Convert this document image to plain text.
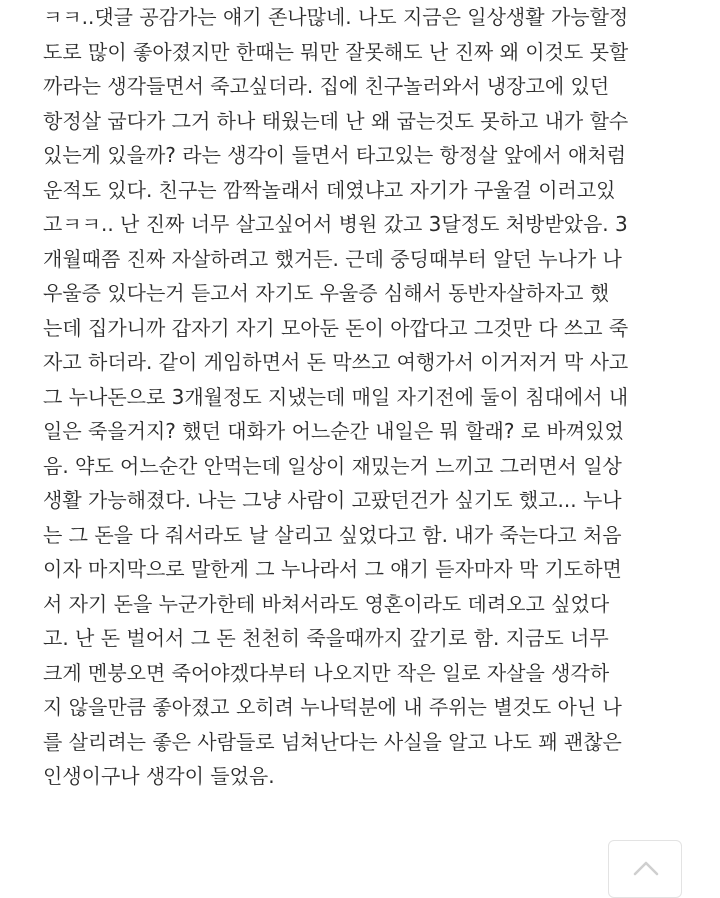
ㅋㅋ..댓글 공감가는 얘기 존나많네. 나도 지금은 일상생활 가능할정
도로 많이 좋아졌지만 한때는 뭐만 잘못해도 난 진짜 왜 이것도 못할
까라는 생각들면서 죽고싶더라. 집에 친구놀러와서 냉장고에 있던
항정살 굽다가 그거 하나 태웠는데 난 왜 굽는것도 못하고 내가 할수
있는게 있을까? 라는 생각이 들면서 타고있는 항정살 앞에서 애처럼
운적도 있다. 친구는 깜짝놀래서 데였냐고 자기가 구울걸 이러고있
고ㅋㅋ.. 난 진짜 너무 살고싶어서 병원 갔고 3달정도 처방받았음. 3
개월때쯤 진짜 자살하려고 했거든. 근데 중딩때부터 알던 누나가 나
우울증 있다는거 듣고서 자기도 우울증 심해서 동반자살하자고 했
는데 집가니까 갑자기 자기 모아둔 돈이 아깝다고 그것만 다 쓰고 죽
자고 하더라. 같이 게임하면서 돈 막쓰고 여행가서 이거저거 막 사고
그 누나돈으로 3개월정도 지냈는데 매일 자기전에 둘이 침대에서 내
일은 죽을거지? 했던 대화가 어느순간 내일은 뭐 할래? 로 바껴있었
음. 약도 어느순간 안먹는데 일상이 재밌는거 느끼고 그러면서 일상
생활 가능해졌다. 나는 그냥 사람이 고팠던건가 싶기도 했고... 누나
는 그 돈을 다 줘서라도 날 살리고 싶었다고 함. 내가 죽는다고 처음
이자 마지막으로 말한게 그 누나라서 그 얘기 듣자마자 막 기도하면
서 자기 돈을 누군가한테 바쳐서라도 영혼이라도 데려오고 싶었다
고. 난 돈 벌어서 그 돈 천천히 죽을때까지 갚기로 함. 지금도 너무
크게 멘붕오면 죽어야겠다부터 나오지만 작은 일로 자살을 생각하
지 않을만큼 좋아졌고 오히려 누나덕분에 내 주위는 별것도 아닌 나
를 살리려는 좋은 사람들로 넘쳐난다는 사실을 알고 나도 꽤 괜찮은
인생이구나 생각이 들었음.
